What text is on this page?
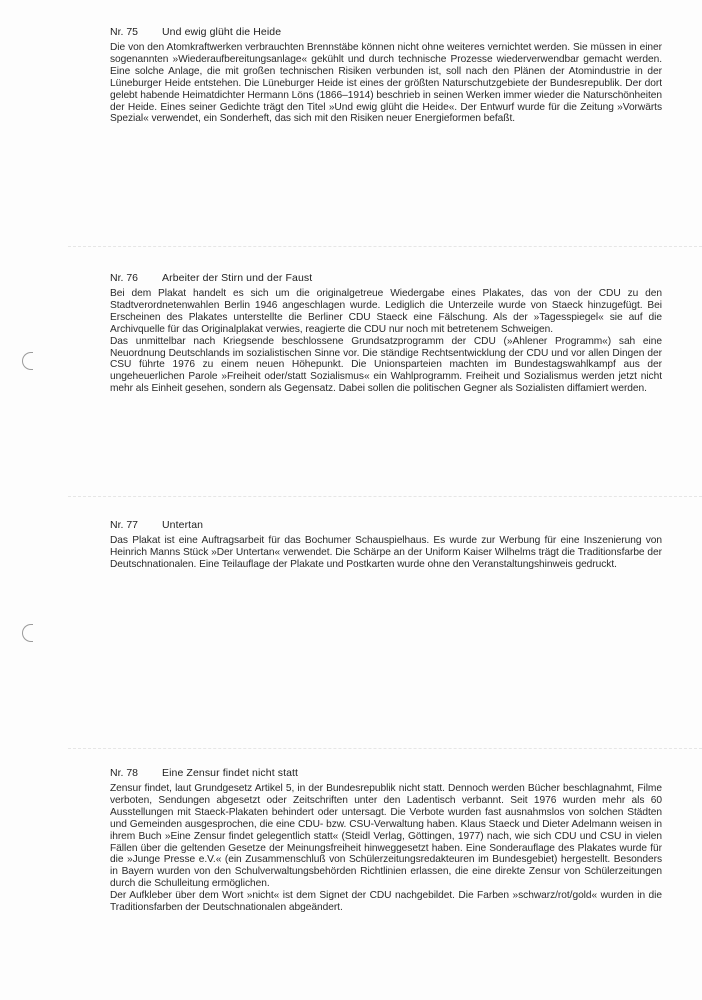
Nr. 75 Und ewig glüht die Heide

Die von den Atomkraftwerken verbrauchten Brennstäbe können nicht ohne weiteres vernichtet werden. Sie müssen in einer sogenannten »Wiederaufbereitungsanlage« gekühlt und durch technische Prozesse wiederverwendbar gemacht werden. Eine solche Anlage, die mit großen technischen Risiken verbunden ist, soll nach den Plänen der Atomindustrie in der Lüneburger Heide entstehen. Die Lüneburger Heide ist eines der größten Naturschutzgebiete der Bundesrepublik. Der dort gelebt habende Heimatdichter Hermann Löns (1866–1914) beschrieb in seinen Werken immer wieder die Naturschönheiten der Heide. Eines seiner Gedichte trägt den Titel »Und ewig glüht die Heide«. Der Entwurf wurde für die Zeitung »Vorwärts Spezial« verwendet, ein Sonderheft, das sich mit den Risiken neuer Energieformen befaßt.

Nr. 76 Arbeiter der Stirn und der Faust

Bei dem Plakat handelt es sich um die originalgetreue Wiedergabe eines Plakates, das von der CDU zu den Stadtverordnetenwahlen Berlin 1946 angeschlagen wurde. Lediglich die Unterzeile wurde von Staeck hinzugefügt. Bei Erscheinen des Plakates unterstellte die Berliner CDU Staeck eine Fälschung. Als der »Tagesspiegel« sie auf die Archivquelle für das Originalplakat verwies, reagierte die CDU nur noch mit betretenem Schweigen.

Das unmittelbar nach Kriegsende beschlossene Grundsatzprogramm der CDU (»Ahlener Programm«) sah eine Neuordnung Deutschlands im sozialistischen Sinne vor. Die ständige Rechtsentwicklung der CDU und vor allen Dingen der CSU führte 1976 zu einem neuen Höhepunkt. Die Unionsparteien machten im Bundestagswahlkampf aus der ungeheuerlichen Parole »Freiheit oder/statt Sozialismus« ein Wahlprogramm. Freiheit und Sozialismus werden jetzt nicht mehr als Einheit gesehen, sondern als Gegensatz. Dabei sollen die politischen Gegner als Sozialisten diffamiert werden.

Nr. 77 Untertan

Das Plakat ist eine Auftragsarbeit für das Bochumer Schauspielhaus. Es wurde zur Werbung für eine Inszenierung von Heinrich Manns Stück »Der Untertan« verwendet. Die Schärpe an der Uniform Kaiser Wilhelms trägt die Traditionsfarbe der Deutschnationalen. Eine Teilauflage der Plakate und Postkarten wurde ohne den Veranstaltungshinweis gedruckt.

Nr. 78 Eine Zensur findet nicht statt

Zensur findet, laut Grundgesetz Artikel 5, in der Bundesrepublik nicht statt. Dennoch werden Bücher beschlagnahmt, Filme verboten, Sendungen abgesetzt oder Zeitschriften unter den Ladentisch verbannt. Seit 1976 wurden mehr als 60 Ausstellungen mit Staeck-Plakaten behindert oder untersagt. Die Verbote wurden fast ausnahmslos von solchen Städten und Gemeinden ausgesprochen, die eine CDU- bzw. CSU-Verwaltung haben. Klaus Staeck und Dieter Adelmann weisen in ihrem Buch »Eine Zensur findet gelegentlich statt« (Steidl Verlag, Göttingen, 1977) nach, wie sich CDU und CSU in vielen Fällen über die geltenden Gesetze der Meinungsfreiheit hinweggesetzt haben. Eine Sonderauflage des Plakates wurde für die »Junge Presse e.V.« (ein Zusammenschluß von Schülerzeitungsredakteuren im Bundesgebiet) hergestellt. Besonders in Bayern wurden von den Schulverwaltungsbehörden Richtlinien erlassen, die eine direkte Zensur von Schülerzeitungen durch die Schulleitung ermöglichen.

Der Aufkleber über dem Wort »nicht« ist dem Signet der CDU nachgebildet. Die Farben »schwarz/rot/gold« wurden in die Traditionsfarben der Deutschnationalen abgeändert.
